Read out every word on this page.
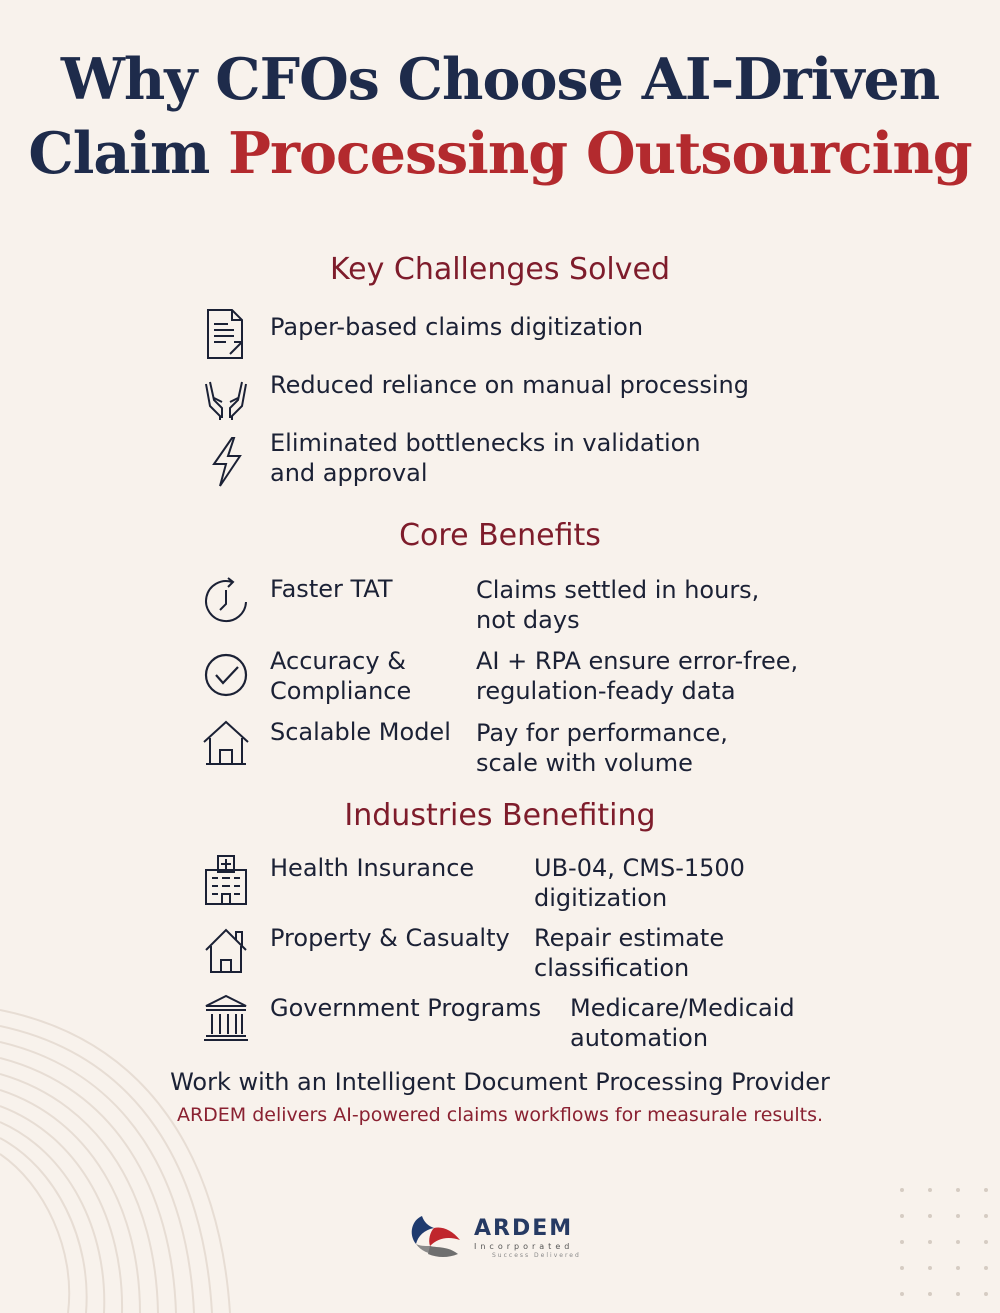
Why CFOs Choose AI-Driven
Claim Processing Outsourcing
Key Challenges Solved
Paper-based claims digitization
Reduced reliance on manual processing
Eliminated bottlenecks in validation
and approval
Core Benefits
Faster TAT	Claims settled in hours,
not days
Accuracy &
Compliance
AI + RPA ensure error-free,
regulation-feady data
Scalable Model Pay for performance,
scale with volume
Industries Benefiting
Health Insurance UB-04, CMS-1500
digitization
Property & Casualty Repair estimate
classification
Government Programs Medicare/Medicaid
automation

Work with an Intelligent Document Processing Provider

ARDEM delivers AI-powered claims workflows for measurale results.

ARDEM
Incorporated
Success Delivered
